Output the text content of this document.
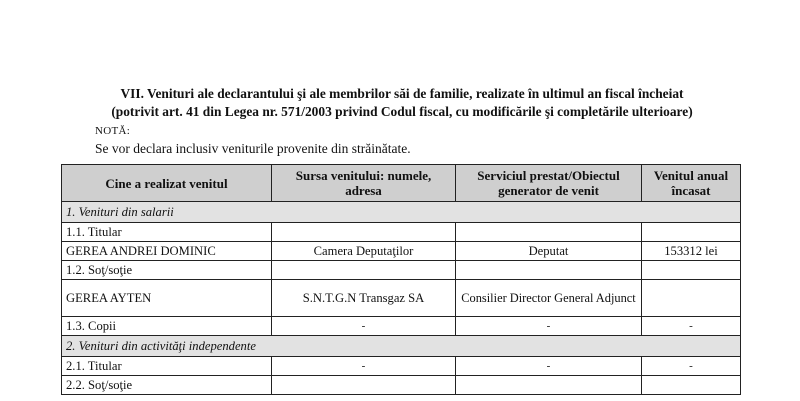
VII. Venituri ale declarantului şi ale membrilor săi de familie, realizate în ultimul an fiscal încheiat
(potrivit art. 41 din Legea nr. 571/2003 privind Codul fiscal, cu modificările şi completările ulterioare)
NOTĂ:
Se vor declara inclusiv veniturile provenite din străinătate.
Cine a realizat venitul	Sursa venitului: numele, adresa	Serviciul prestat/Obiectul generator de venit	Venitul anual încasat
1. Venituri din salarii			
1.1. Titular			
GEREA ANDREI DOMINIC	Camera Deputaţilor	Deputat	153312 lei
1.2. Soţ/soţie			
GEREA AYTEN	S.N.T.G.N Transgaz SA	Consilier Director General Adjunct	
1.3. Copii	-	-	-
2. Venituri din activităţi independente			
2.1. Titular	-	-	-
2.2. Soţ/soţie			
